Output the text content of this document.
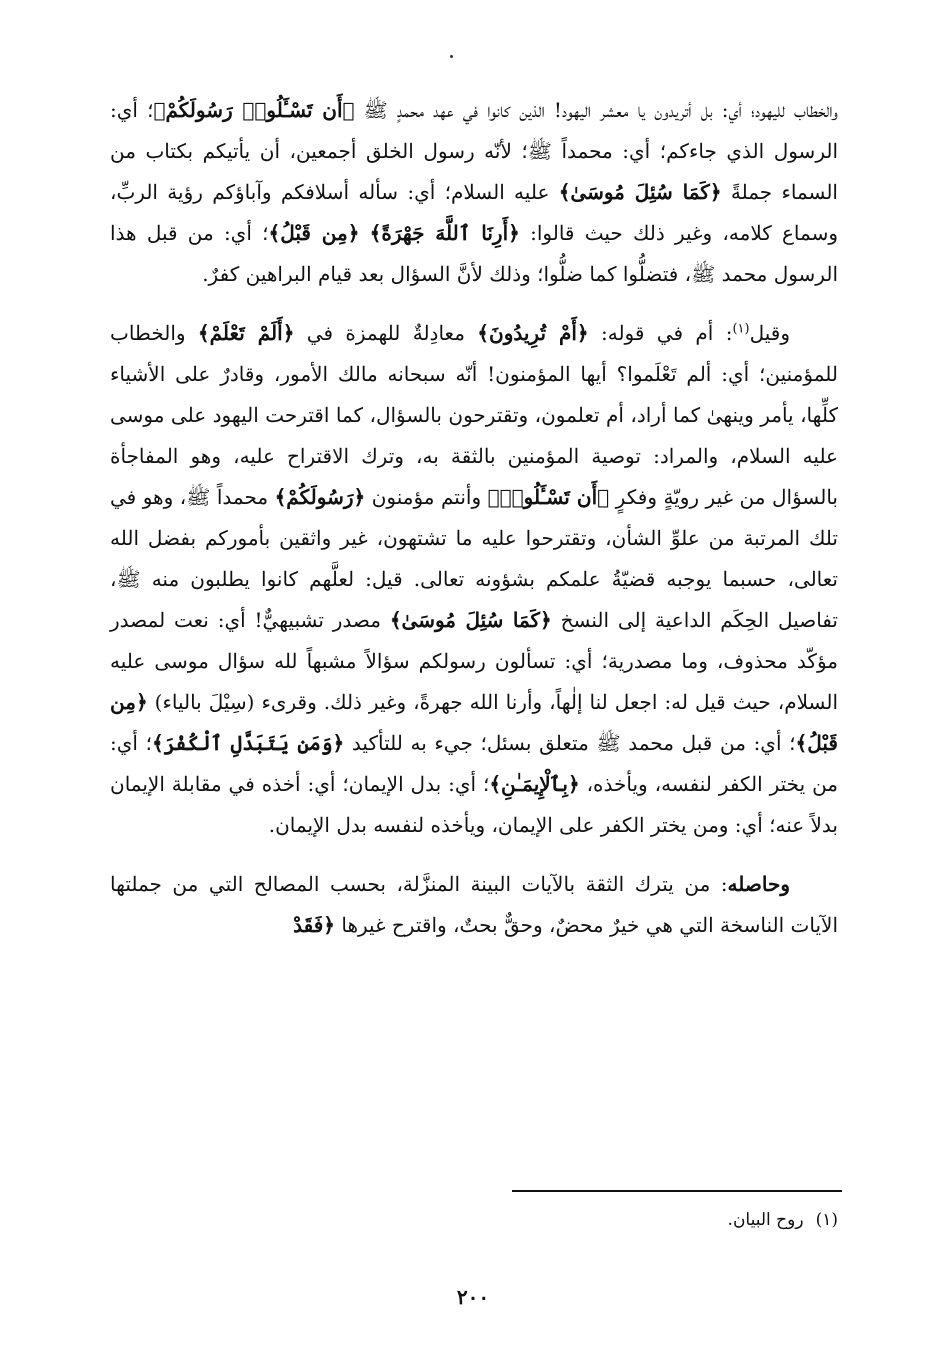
والخطاب لليهود؛ أي: بل أتريدون يا معشر اليهود! الذين كانوا في عهد محمدٍ ﷺ ﴿أَن تَسْـَٔلُوا۟ رَسُولَكُمْ﴾؛ أي: الرسول الذي جاءكم؛ أي: محمداً ﷺ؛ لأنّه رسول الخلق أجمعين، أن يأتيكم بكتاب من السماء جملةً ﴿كَمَا سُئِلَ مُوسَىٰ﴾ عليه السلام؛ أي: سأله أسلافكم وآباؤكم رؤية الربِّ، وسماع كلامه، وغير ذلك حيث قالوا: ﴿أَرِنَا ٱللَّهَ جَهْرَةً﴾ ﴿مِن قَبْلُ﴾؛ أي: من قبل هذا الرسول محمد ﷺ، فتضلُّوا كما ضلُّوا؛ وذلك لأنَّ السؤال بعد قيام البراهين كفرٌ.

وقيل$^{(١)}$: أم في قوله: ﴿أَمْ تُرِيدُونَ﴾ معادِلةٌ للهمزة في ﴿أَلَمْ تَعْلَمْ﴾ والخطاب للمؤمنين؛ أي: ألم تَعْلَموا؟ أيها المؤمنون! أنّه سبحانه مالك الأمور، وقادرٌ على الأشياء كلِّها، يأمر وينهىٰ كما أراد، أم تعلمون، وتقترحون بالسؤال، كما اقترحت اليهود على موسى عليه السلام، والمراد: توصية المؤمنين بالثقة به، وترك الاقتراح عليه، وهو المفاجأة بالسؤال من غير رويّةٍ وفكرٍ ﴿أَن تَسْـَٔلُوا۟﴾ وأنتم مؤمنون ﴿رَسُولَكُمْ﴾ محمداً ﷺ، وهو في تلك المرتبة من علوِّ الشأن، وتقترحوا عليه ما تشتهون، غير واثقين بأموركم بفضل الله تعالى، حسبما يوجبه قضيّةُ علمكم بشؤونه تعالى. قيل: لعلَّهم كانوا يطلبون منه ﷺ، تفاصيل الحِكَم الداعية إلى النسخ ﴿كَمَا سُئِلَ مُوسَىٰ﴾ مصدر تشبيهيٌّ! أي: نعت لمصدر مؤكّد محذوف، وما مصدرية؛ أي: تسألون رسولكم سؤالاً مشبهاً لله سؤال موسى عليه السلام، حيث قيل له: اجعل لنا إلٰهاً، وأرنا الله جهرةً، وغير ذلك. وقرىء (سِيْلَ بالياء) ﴿مِن قَبْلُ﴾؛ أي: من قبل محمد ﷺ متعلق بسئل؛ جيء به للتأكيد ﴿وَمَن يَتَبَدَّلِ ٱلْكُفْرَ﴾؛ أي: من يختر الكفر لنفسه، ويأخذه، ﴿بِٱلْإِيمَـٰنِ﴾؛ أي: بدل الإيمان؛ أي: أخذه في مقابلة الإيمان بدلاً عنه؛ أي: ومن يختر الكفر على الإيمان، ويأخذه لنفسه بدل الإيمان.

وحاصله: من يترك الثقة بالآيات البينة المنزَّلة، بحسب المصالح التي من جملتها الآيات الناسخة التي هي خيرٌ محضٌ، وحقٌّ بحتٌ، واقترح غيرها ﴿فَقَدْ

(١)روح البيان.
٢٠٠
